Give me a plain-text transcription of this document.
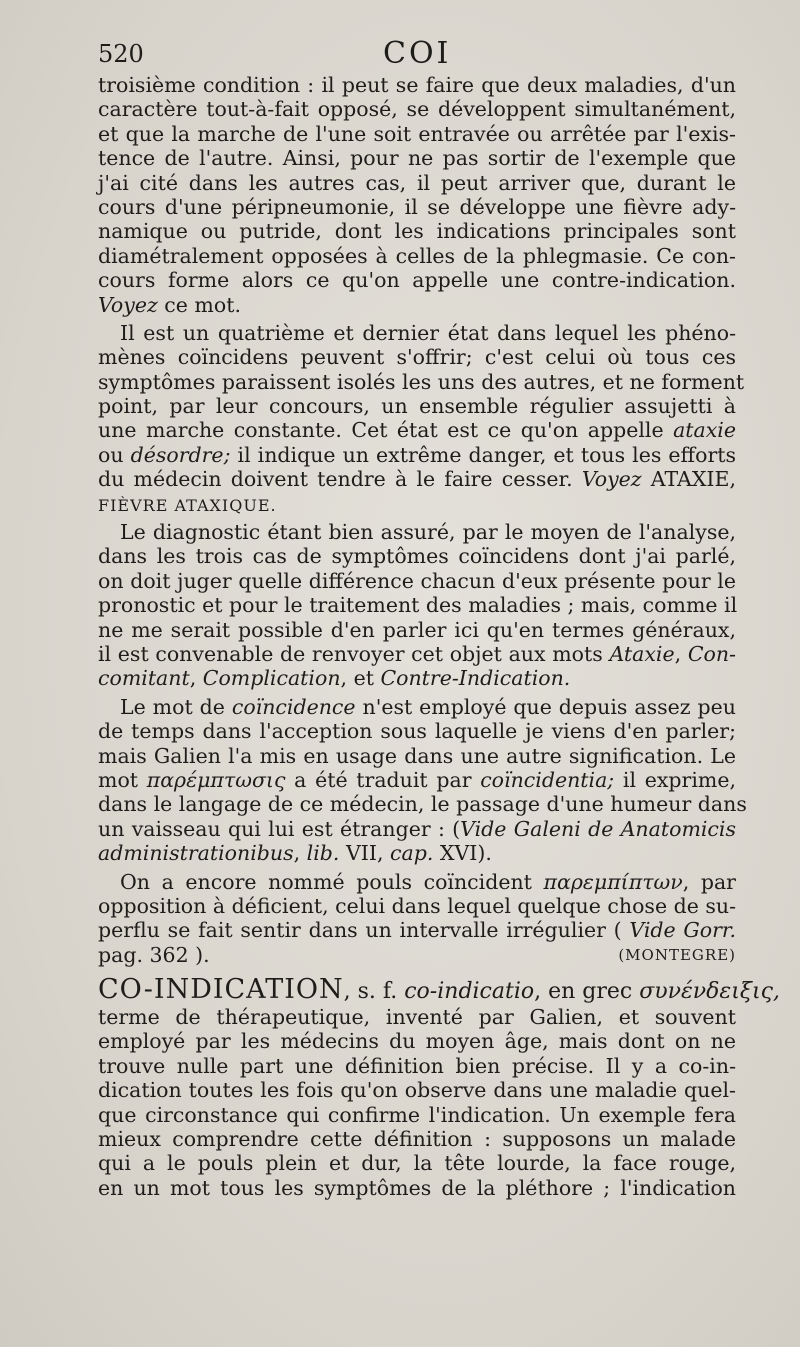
520	COI
troisième condition : il peut se faire que deux maladies, d'un
caractère tout-à-fait opposé, se développent simultanément,
et que la marche de l'une soit entravée ou arrêtée par l'exis-
tence de l'autre. Ainsi, pour ne pas sortir de l'exemple que
j'ai cité dans les autres cas, il peut arriver que, durant le
cours d'une péripneumonie, il se développe une fièvre ady-
namique ou putride, dont les indications principales sont
diamétralement opposées à celles de la phlegmasie. Ce con-
cours forme alors ce qu'on appelle une contre-indication.
Voyez ce mot.
Il est un quatrième et dernier état dans lequel les phéno-
mènes coïncidens peuvent s'offrir; c'est celui où tous ces
symptômes paraissent isolés les uns des autres, et ne forment
point, par leur concours, un ensemble régulier assujetti à
une marche constante. Cet état est ce qu'on appelle ataxie
ou désordre; il indique un extrême danger, et tous les efforts
du médecin doivent tendre à le faire cesser. Voyez ATAXIE,
FIÈVRE ATAXIQUE.
Le diagnostic étant bien assuré, par le moyen de l'analyse,
dans les trois cas de symptômes coïncidens dont j'ai parlé,
on doit juger quelle différence chacun d'eux présente pour le
pronostic et pour le traitement des maladies ; mais, comme il
ne me serait possible d'en parler ici qu'en termes généraux,
il est convenable de renvoyer cet objet aux mots Ataxie, Con-
comitant, Complication, et Contre-Indication.
Le mot de coïncidence n'est employé que depuis assez peu
de temps dans l'acception sous laquelle je viens d'en parler;
mais Galien l'a mis en usage dans une autre signification. Le
mot παρέμπτωσις a été traduit par coïncidentia; il exprime,
dans le langage de ce médecin, le passage d'une humeur dans
un vaisseau qui lui est étranger : (Vide Galeni de Anatomicis
administrationibus, lib. VII, cap. XVI).
On a encore nommé pouls coïncident παρεμπίπτων, par
opposition à déficient, celui dans lequel quelque chose de su-
perflu se fait sentir dans un intervalle irrégulier ( Vide Gorr.
pag. 362 ).	(MONTEGRE)
CO-INDICATION, s. f. co-indicatio, en grec συνένδειξις,
terme de thérapeutique, inventé par Galien, et souvent
employé par les médecins du moyen âge, mais dont on ne
trouve nulle part une définition bien précise. Il y a co-in-
dication toutes les fois qu'on observe dans une maladie quel-
que circonstance qui confirme l'indication. Un exemple fera
mieux comprendre cette définition : supposons un malade
qui a le pouls plein et dur, la tête lourde, la face rouge,
en un mot tous les symptômes de la pléthore ; l'indication
